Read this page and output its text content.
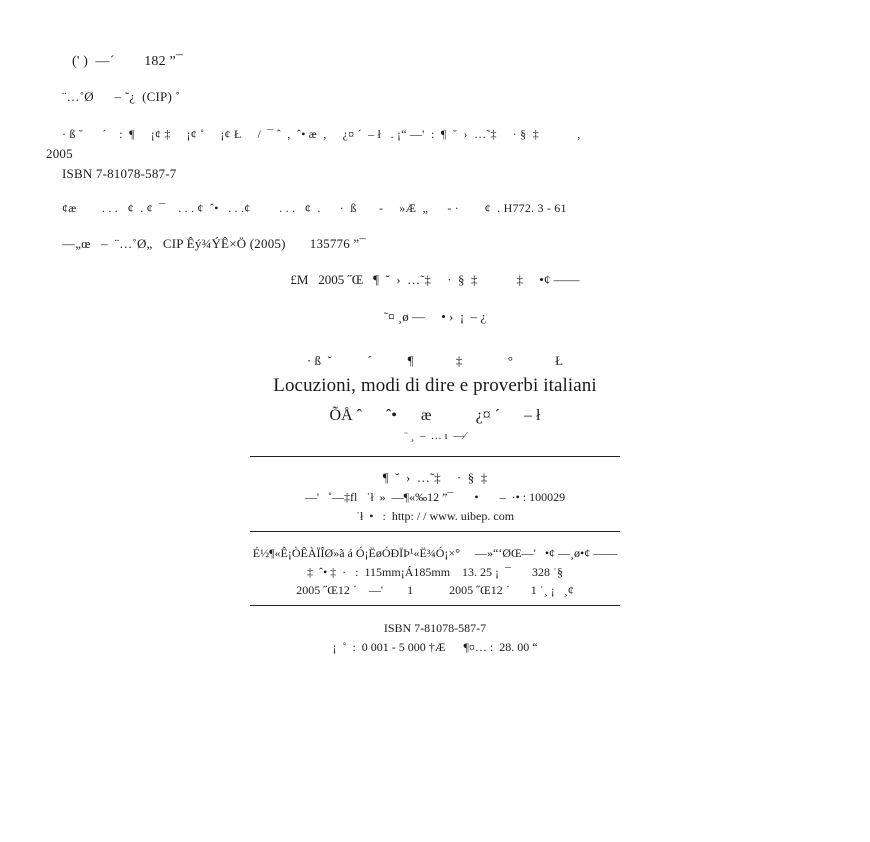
(' )  —´        182 ”¯
¨…˚Ø      – ˜¿  (CIP) ˚
· ß ˘      ´    :  ¶     ¡¢ ‡     ¡¢ ˚     ¡¢ Ł     /  ¯ ˆ  ,  ˆ• æ  ,     ¿¤ ´  – ł   . ¡“ —'  :  ¶  ˘  ›  …˜‡     · §  ‡            ,
2005
ISBN 7-81078-587-7
¢æ        . . .   ¢  . ¢  ¯    . . . ¢  ˆ•   . . .¢         . . .   ¢  .      ·  ß       -     »Æ  „      - ·        ¢  . H772. 3 - 61
—„œ   –  ¨…˚Ø„   CIP Êý¾ÝÊ×Ö (2005)       135776 ”¯
£M   2005 ˝Œ   ¶  ˘  ›  …˜‡     ·  §  ‡            ‡     •¢ ——
˜¤ ¸ø —     • ›  ¡  – ¿
· ß  ˘           ´           ¶             ‡              °             Ł
Locuzioni, modi di dire e proverbi italiani
ÕÅ ˆ      ˆ•      æ           ¿¤ ´      – ł
¨ ¸  –  … ı  —⁄
¶  ˘  ›  …˜‡     ·  §  ‡
—'   ˚—‡fl   ˙ł  »  —¶«‰12 ”¯       •       –  ·• : 100029
˙ł  •   :  http: / / www. uibep. com
É½¶«Ê¡ÒÊÀÏÎØ»ã á Ó¡ËøÓÐÏÞ¹«Ë¾Ó¡×°     —»“‘ØŒ—'   •¢ —¸ø•¢ ——
‡  ˆ• ‡  ·   :  115mm¡Á185mm    13. 25 ¡  ¯       328 ˙§
2005 ˝Œ12 ´    —'        1            2005 ˝Œ12 ´       1 ˙¸ ¡   ¸¢
ISBN 7-81078-587-7
¡  ˚  :  0 001 - 5 000 †Æ      ¶¤… :  28. 00 “
